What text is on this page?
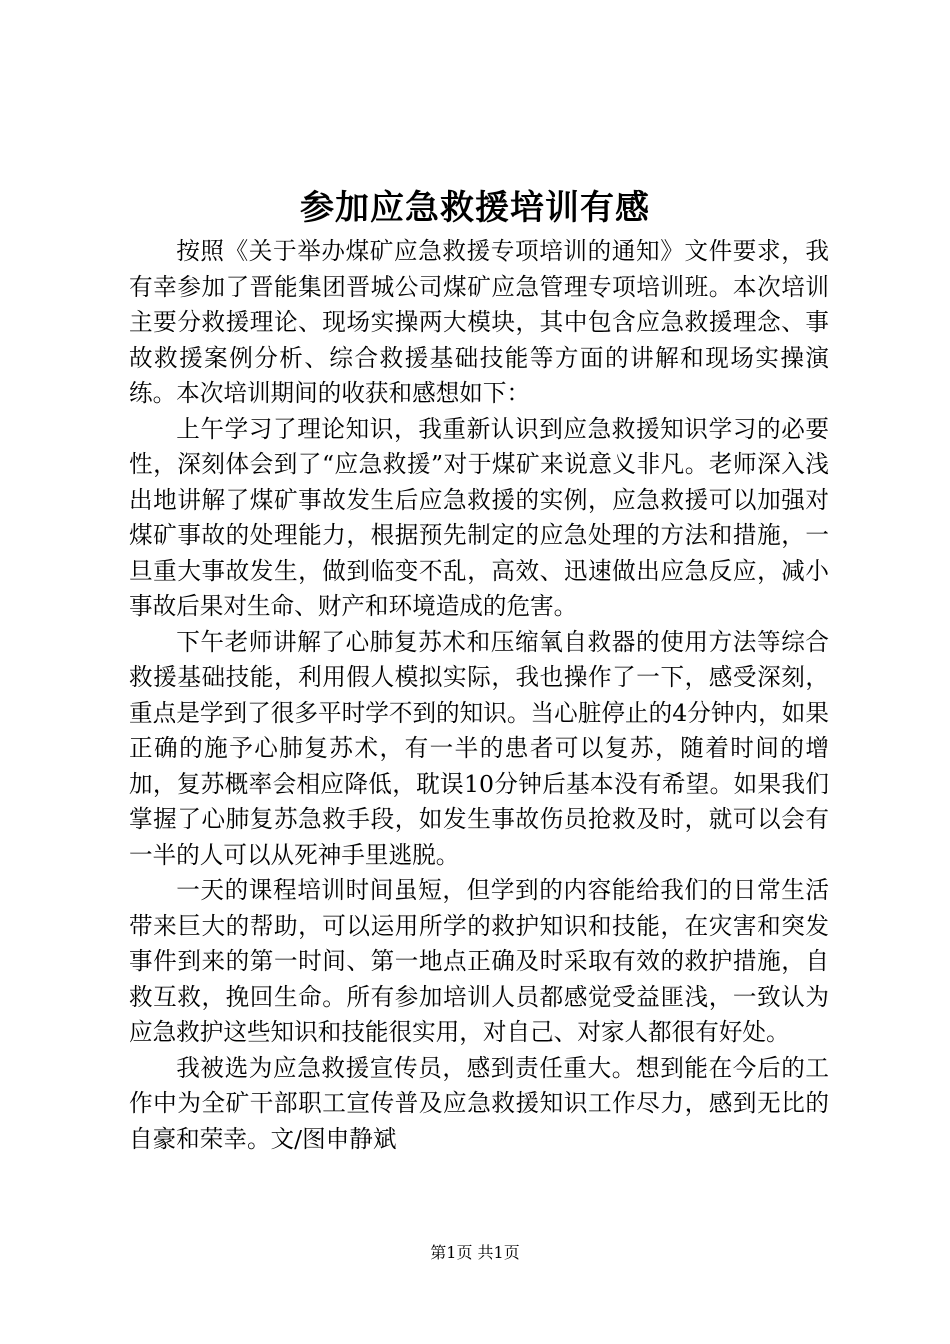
参加应急救援培训有感

按照《关于举办煤矿应急救援专项培训的通知》文件要求，我有幸参加了晋能集团晋城公司煤矿应急管理专项培训班。本次培训主要分救援理论、现场实操两大模块，其中包含应急救援理念、事故救援案例分析、综合救援基础技能等方面的讲解和现场实操演练。本次培训期间的收获和感想如下：

上午学习了理论知识，我重新认识到应急救援知识学习的必要性，深刻体会到了“应急救援”对于煤矿来说意义非凡。老师深入浅出地讲解了煤矿事故发生后应急救援的实例，应急救援可以加强对煤矿事故的处理能力，根据预先制定的应急处理的方法和措施，一旦重大事故发生，做到临变不乱，高效、迅速做出应急反应，减小事故后果对生命、财产和环境造成的危害。

下午老师讲解了心肺复苏术和压缩氧自救器的使用方法等综合救援基础技能，利用假人模拟实际，我也操作了一下，感受深刻，重点是学到了很多平时学不到的知识。当心脏停止的4分钟内，如果正确的施予心肺复苏术，有一半的患者可以复苏，随着时间的增加，复苏概率会相应降低，耽误10分钟后基本没有希望。如果我们掌握了心肺复苏急救手段，如发生事故伤员抢救及时，就可以会有一半的人可以从死神手里逃脱。

一天的课程培训时间虽短，但学到的内容能给我们的日常生活带来巨大的帮助，可以运用所学的救护知识和技能，在灾害和突发事件到来的第一时间、第一地点正确及时采取有效的救护措施，自救互救，挽回生命。所有参加培训人员都感觉受益匪浅，一致认为应急救护这些知识和技能很实用，对自己、对家人都很有好处。

我被选为应急救援宣传员，感到责任重大。想到能在今后的工作中为全矿干部职工宣传普及应急救援知识工作尽力，感到无比的自豪和荣幸。文/图申静斌

第1页 共1页
